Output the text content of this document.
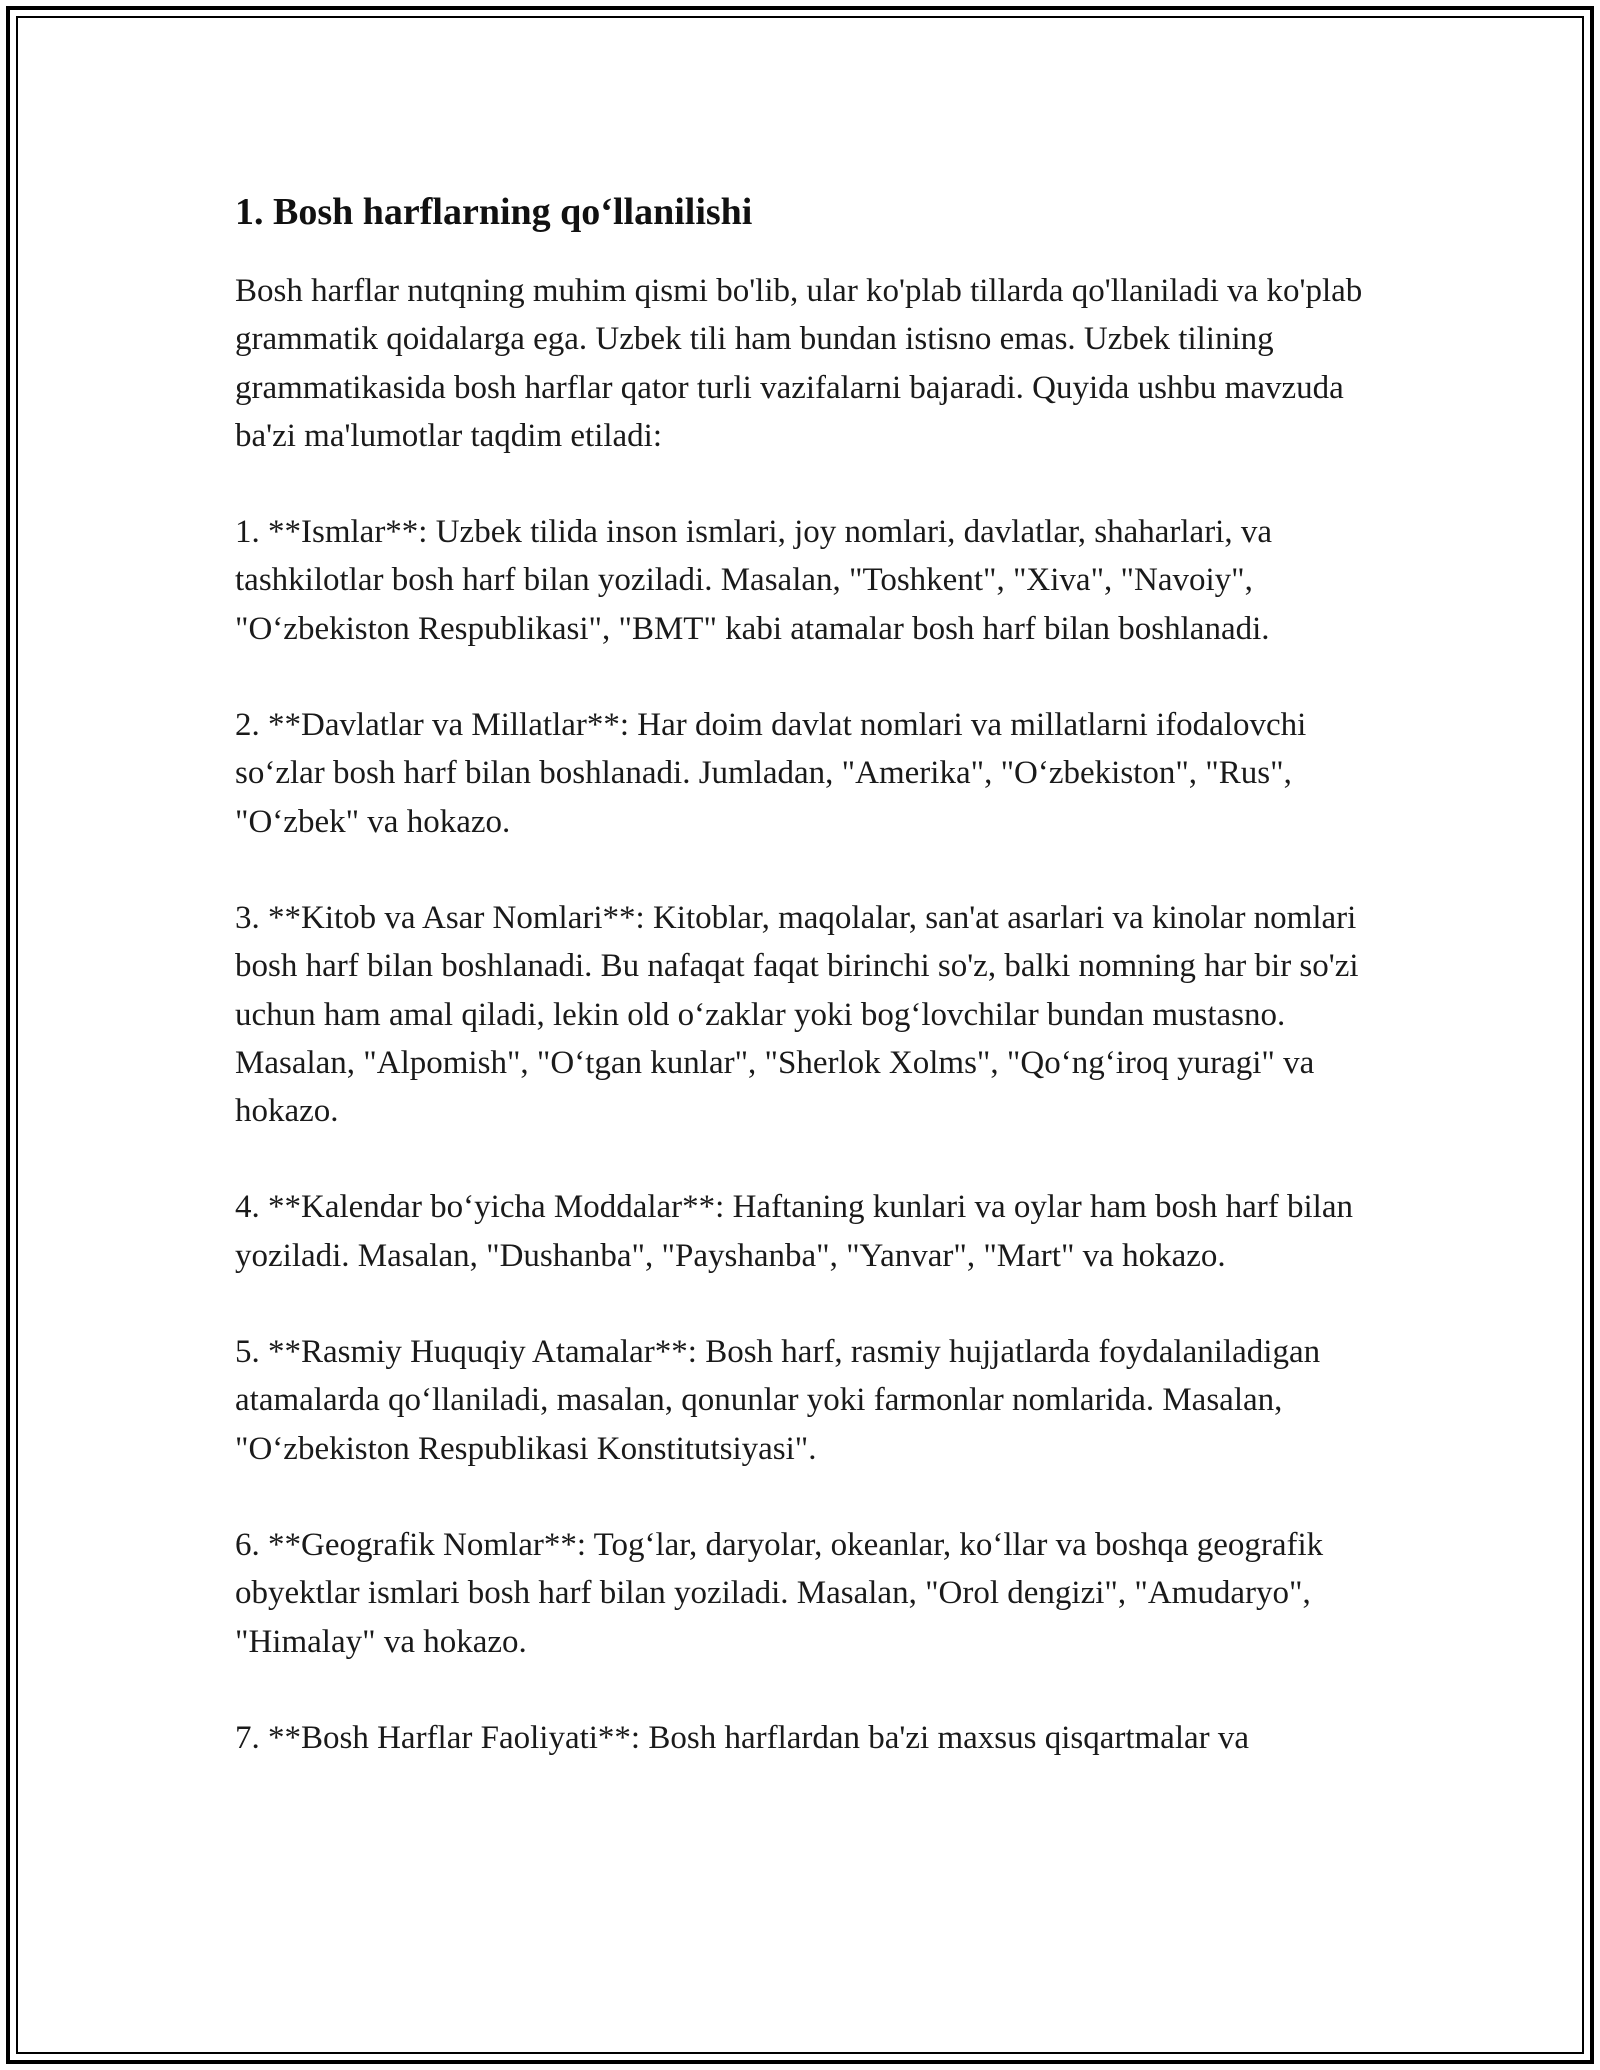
1. Bosh harflarning qo‘llanilishi

Bosh harflar nutqning muhim qismi bo'lib, ular ko'plab tillarda qo'llaniladi va ko'plab grammatik qoidalarga ega. Uzbek tili ham bundan istisno emas. Uzbek tilining grammatikasida bosh harflar qator turli vazifalarni bajaradi. Quyida ushbu mavzuda ba'zi ma'lumotlar taqdim etiladi:

1. **Ismlar**: Uzbek tilida inson ismlari, joy nomlari, davlatlar, shaharlari, va tashkilotlar bosh harf bilan yoziladi. Masalan, "Toshkent", "Xiva", "Navoiy", "O‘zbekiston Respublikasi", "BMT" kabi atamalar bosh harf bilan boshlanadi.

2. **Davlatlar va Millatlar**: Har doim davlat nomlari va millatlarni ifodalovchi so‘zlar bosh harf bilan boshlanadi. Jumladan, "Amerika", "O‘zbekiston", "Rus", "O‘zbek" va hokazo.

3. **Kitob va Asar Nomlari**: Kitoblar, maqolalar, san'at asarlari va kinolar nomlari bosh harf bilan boshlanadi. Bu nafaqat faqat birinchi so'z, balki nomning har bir so'zi uchun ham amal qiladi, lekin old o‘zaklar yoki bog‘lovchilar bundan mustasno. Masalan, "Alpomish", "O‘tgan kunlar", "Sherlok Xolms", "Qo‘ng‘iroq yuragi" va hokazo.

4. **Kalendar bo‘yicha Moddalar**: Haftaning kunlari va oylar ham bosh harf bilan yoziladi. Masalan, "Dushanba", "Payshanba", "Yanvar", "Mart" va hokazo.

5. **Rasmiy Huquqiy Atamalar**: Bosh harf, rasmiy hujjatlarda foydalaniladigan atamalarda qo‘llaniladi, masalan, qonunlar yoki farmonlar nomlarida. Masalan, "O‘zbekiston Respublikasi Konstitutsiyasi".

6. **Geografik Nomlar**: Tog‘lar, daryolar, okeanlar, ko‘llar va boshqa geografik obyektlar ismlari bosh harf bilan yoziladi. Masalan, "Orol dengizi", "Amudaryo", "Himalay" va hokazo.

7. **Bosh Harflar Faoliyati**: Bosh harflardan ba'zi maxsus qisqartmalar va
